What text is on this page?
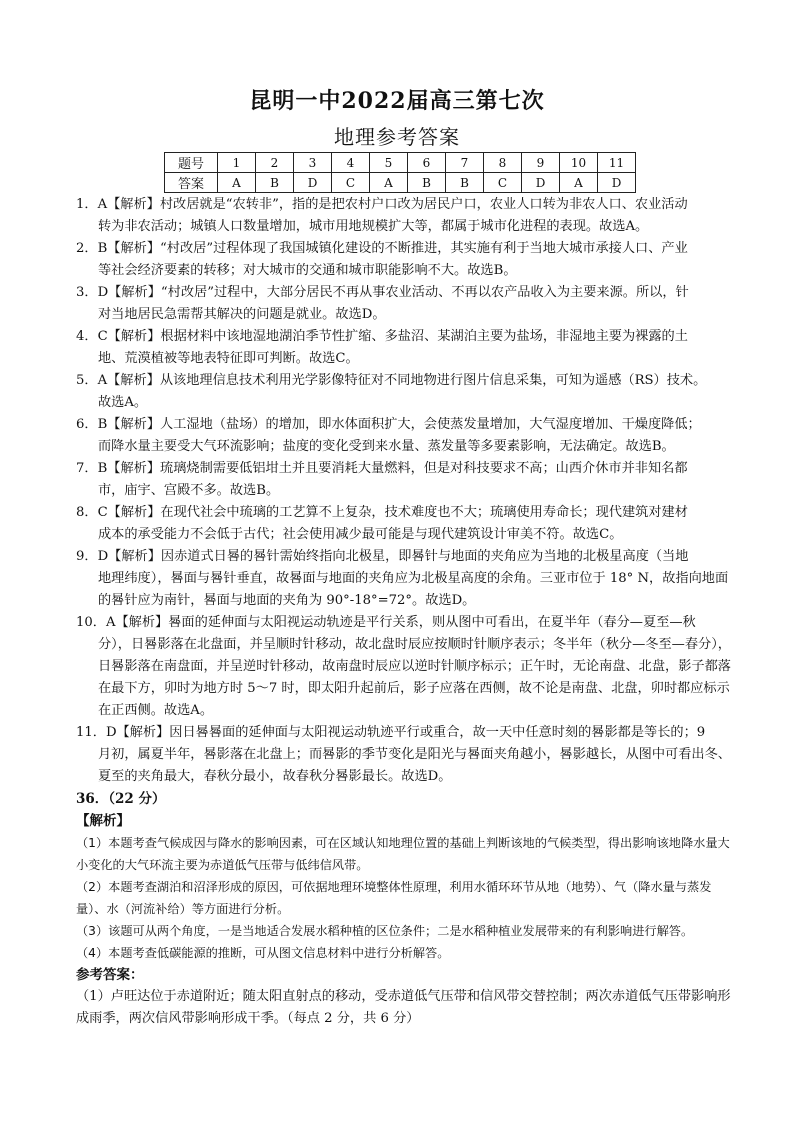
昆明一中2022届高三第七次
地理参考答案
题号	1	2	3	4	5	6	7	8	9	10	11
答案	A	B	D	C	A	B	B	C	D	A	D
1．A【解析】村改居就是“农转非”，指的是把农村户口改为居民户口，农业人口转为非农人口、农业活动
转为非农活动；城镇人口数量增加，城市用地规模扩大等，都属于城市化进程的表现。故选A。
2．B【解析】“村改居”过程体现了我国城镇化建设的不断推进，其实施有利于当地大城市承接人口、产业
等社会经济要素的转移；对大城市的交通和城市职能影响不大。故选B。
3．D【解析】“村改居”过程中，大部分居民不再从事农业活动、不再以农产品收入为主要来源。所以，针
对当地居民急需帮其解决的问题是就业。故选D。
4．C【解析】根据材料中该地湿地湖泊季节性扩缩、多盐沼、某湖泊主要为盐场，非湿地主要为裸露的土
地、荒漠植被等地表特征即可判断。故选C。
5．A【解析】从该地理信息技术利用光学影像特征对不同地物进行图片信息采集，可知为遥感（RS）技术。
故选A。
6．B【解析】人工湿地（盐场）的增加，即水体面积扩大，会使蒸发量增加，大气湿度增加、干燥度降低；
而降水量主要受大气环流影响；盐度的变化受到来水量、蒸发量等多要素影响，无法确定。故选B。
7．B【解析】琉璃烧制需要低铝坩土并且要消耗大量燃料，但是对科技要求不高；山西介休市并非知名都
市，庙宇、宫殿不多。故选B。
8．C【解析】在现代社会中琉璃的工艺算不上复杂，技术难度也不大；琉璃使用寿命长；现代建筑对建材
成本的承受能力不会低于古代；社会使用减少最可能是与现代建筑设计审美不符。故选C。
9．D【解析】因赤道式日晷的晷针需始终指向北极星，即晷针与地面的夹角应为当地的北极星高度（当地
地理纬度），晷面与晷针垂直，故晷面与地面的夹角应为北极星高度的余角。三亚市位于 18° N，故指向地面的晷针应为南针，晷面与地面的夹角为 90°-18°=72°。故选D。
10．A【解析】晷面的延伸面与太阳视运动轨迹是平行关系，则从图中可看出，在夏半年（春分—夏至—秋
分），日晷影落在北盘面，并呈顺时针移动，故北盘时辰应按顺时针顺序表示；冬半年（秋分—冬至—春分），日晷影落在南盘面，并呈逆时针移动，故南盘时辰应以逆时针顺序标示；正午时，无论南盘、北盘，影子都落在最下方，卯时为地方时 5～7 时，即太阳升起前后，影子应落在西侧，故不论是南盘、北盘，卯时都应标示在正西侧。故选A。
11．D【解析】因日晷晷面的延伸面与太阳视运动轨迹平行或重合，故一天中任意时刻的晷影都是等长的；9
月初，属夏半年，晷影落在北盘上；而晷影的季节变化是阳光与晷面夹角越小，晷影越长，从图中可看出冬、夏至的夹角最大，春秋分最小，故春秋分晷影最长。故选D。
36．（22 分）
【解析】
（1）本题考查气候成因与降水的影响因素，可在区域认知地理位置的基础上判断该地的气候类型，得出影响该地降水量大小变化的大气环流主要为赤道低气压带与低纬信风带。
（2）本题考查湖泊和沼泽形成的原因，可依据地理环境整体性原理，利用水循环环节从地（地势）、气（降水量与蒸发量）、水（河流补给）等方面进行分析。
（3）该题可从两个角度，一是当地适合发展水稻种植的区位条件；二是水稻种植业发展带来的有利影响进行解答。
（4）本题考查低碳能源的推断，可从图文信息材料中进行分析解答。
参考答案：
（1）卢旺达位于赤道附近；随太阳直射点的移动，受赤道低气压带和信风带交替控制；两次赤道低气压带影响形成雨季，两次信风带影响形成干季。（每点 2 分，共 6 分）
